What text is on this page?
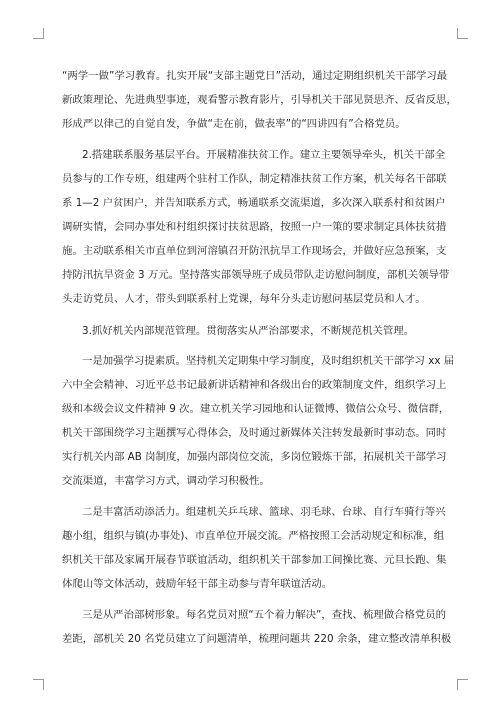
“两学一做”学习教育。扎实开展“支部主题党日”活动，通过定期组织机关干部学习最
新政策理论、先进典型事迹，观看警示教育影片，引导机关干部见贤思齐、反省反思，
形成严以律己的自觉自发，争做“走在前，做表率”的“四讲四有”合格党员。
2.搭建联系服务基层平台。开展精准扶贫工作。建立主要领导牵头，机关干部全
员参与的工作专班，组建两个驻村工作队，制定精准扶贫工作方案，机关每名干部联
系 1—2 户贫困户，并告知联系方式，畅通联系交流渠道，多次深入联系村和贫困户
调研实情，会同办事处和村组织探讨扶贫思路，按照一户一策的要求制定具体扶贫措
施。主动联系相关市直单位到河溶镇召开防汛抗旱工作现场会，并做好应急预案，支
持防汛抗旱资金 3 万元。坚持落实部领导班子成员带队走访慰问制度，部机关领导带
头走访党员、人才，带头到联系村上党课，每年分头走访慰问基层党员和人才。
3.抓好机关内部规范管理。贯彻落实从严治部要求，不断规范机关管理。
一是加强学习提素质。坚持机关定期集中学习制度，及时组织机关干部学习 xx 届
六中全会精神、习近平总书记最新讲话精神和各级出台的政策制度文件，组织学习上
级和本级会议文件精神 9 次。建立机关学习园地和认证微博、微信公众号、微信群，
机关干部围绕学习主题撰写心得体会，及时通过新媒体关注转发最新时事动态。同时
实行机关内部 AB 岗制度，加强内部岗位交流，多岗位锻炼干部，拓展机关干部学习
交流渠道，丰富学习方式，调动学习积极性。
二是丰富活动添活力。组建机关乒乓球、篮球、羽毛球、台球、自行车骑行等兴
趣小组，组织与镇(办事处)、市直单位开展交流。严格按照工会活动规定和标准，组
织机关干部及家属开展春节联谊活动，组织机关干部参加工间操比赛、元旦长跑、集
体爬山等文体活动，鼓励年轻干部主动参与青年联谊活动。
三是从严治部树形象。每名党员对照“五个着力解决”，查找、梳理做合格党员的
差距，部机关 20 名党员建立了问题清单，梳理问题共 220 余条，建立整改清单积极
